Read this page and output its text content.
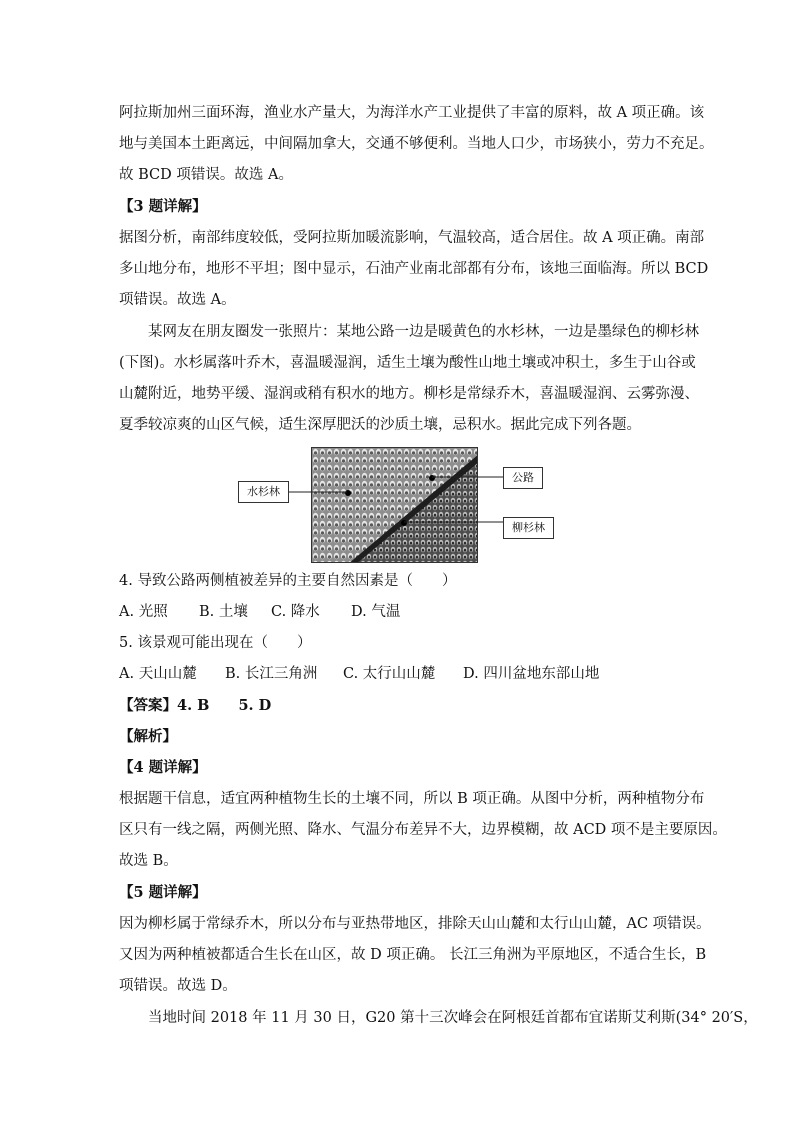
阿拉斯加州三面环海，渔业水产量大，为海洋水产工业提供了丰富的原料，故 A 项正确。该
地与美国本土距离远，中间隔加拿大，交通不够便利。当地人口少，市场狭小，劳力不充足。
故 BCD 项错误。故选 A。
【3 题详解】
据图分析，南部纬度较低，受阿拉斯加暖流影响，气温较高，适合居住。故 A 项正确。南部
多山地分布，地形不平坦；图中显示，石油产业南北部都有分布，该地三面临海。所以 BCD
项错误。故选 A。
某网友在朋友圈发一张照片：某地公路一边是暖黄色的水杉林，一边是墨绿色的柳杉林
(下图)。水杉属落叶乔木，喜温暖湿润，适生土壤为酸性山地土壤或冲积土，多生于山谷或
山麓附近，地势平缓、湿润或稍有积水的地方。柳杉是常绿乔木，喜温暖湿润、云雾弥漫、
夏季较凉爽的山区气候，适生深厚肥沃的沙质土壤，忌积水。据此完成下列各题。
水杉林
公路
柳杉林
4. 导致公路两侧植被差异的主要自然因素是（　　）
A. 光照 B. 土壤 C. 降水 D. 气温
5. 该景观可能出现在（　　）
A. 天山山麓 B. 长江三角洲 C. 太行山山麓 D. 四川盆地东部山地
【答案】4. B　　5. D
【解析】
【4 题详解】
根据题干信息，适宜两种植物生长的土壤不同，所以 B 项正确。从图中分析，两种植物分布
区只有一线之隔，两侧光照、降水、气温分布差异不大，边界模糊，故 ACD 项不是主要原因。
故选 B。
【5 题详解】
因为柳杉属于常绿乔木，所以分布与亚热带地区，排除天山山麓和太行山山麓，AC 项错误。
又因为两种植被都适合生长在山区，故 D 项正确。 长江三角洲为平原地区，不适合生长，B
项错误。故选 D。
当地时间 2018 年 11 月 30 日，G20 第十三次峰会在阿根廷首都布宜诺斯艾利斯(34° 20′S，
